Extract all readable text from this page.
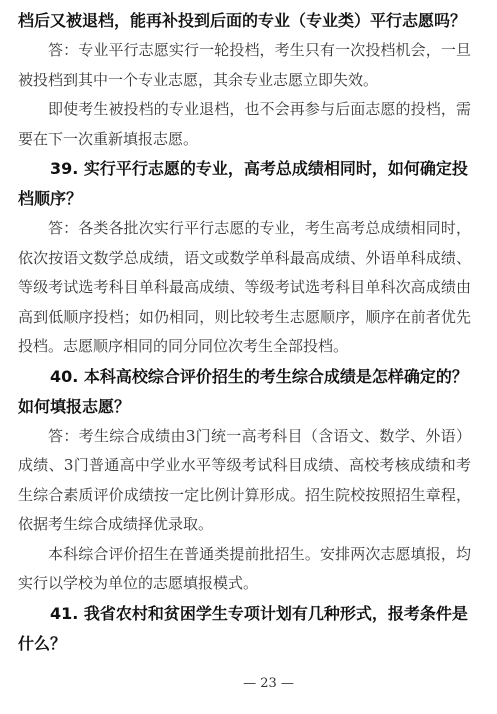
档后又被退档，能再补投到后面的专业（专业类）平行志愿吗？

答：专业平行志愿实行一轮投档，考生只有一次投档机会，一旦被投档到其中一个专业志愿，其余专业志愿立即失效。

即使考生被投档的专业退档，也不会再参与后面志愿的投档，需要在下一次重新填报志愿。

39. 实行平行志愿的专业，高考总成绩相同时，如何确定投档顺序？

答：各类各批次实行平行志愿的专业，考生高考总成绩相同时，依次按语文数学总成绩，语文或数学单科最高成绩、外语单科成绩、等级考试选考科目单科最高成绩、等级考试选考科目单科次高成绩由高到低顺序投档；如仍相同，则比较考生志愿顺序，顺序在前者优先投档。志愿顺序相同的同分同位次考生全部投档。

40. 本科高校综合评价招生的考生综合成绩是怎样确定的？如何填报志愿？

答：考生综合成绩由3门统一高考科目（含语文、数学、外语）成绩、3门普通高中学业水平等级考试科目成绩、高校考核成绩和考生综合素质评价成绩按一定比例计算形成。招生院校按照招生章程，依据考生综合成绩择优录取。

本科综合评价招生在普通类提前批招生。安排两次志愿填报，均实行以学校为单位的志愿填报模式。

41. 我省农村和贫困学生专项计划有几种形式，报考条件是什么？

— 23 —
